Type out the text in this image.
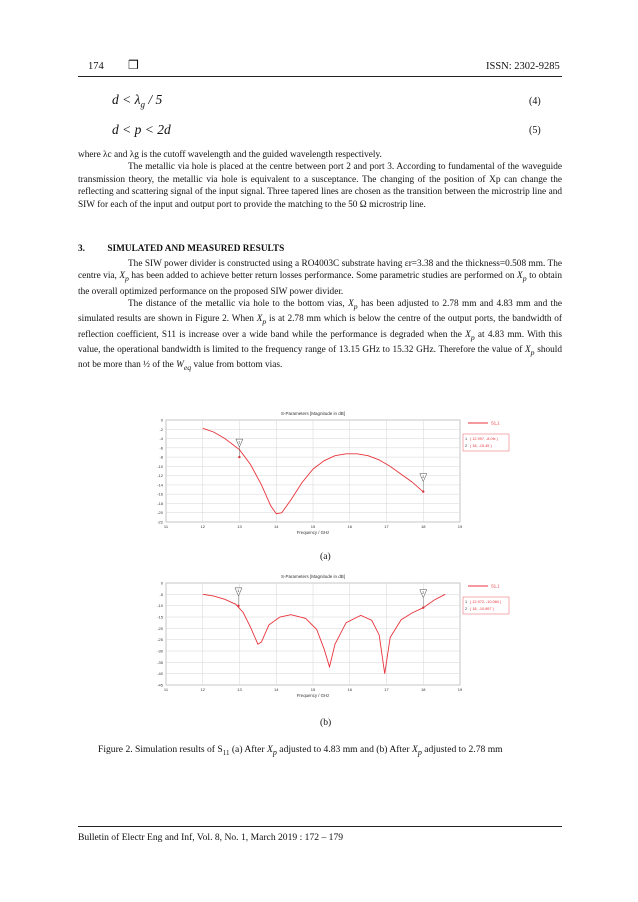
174 ❒	ISSN: 2302-9285
$d < \lambda_g / 5$	(4)
d < p < 2d	(5)

where λc and λg is the cutoff wavelength and the guided wavelength respectively.

The metallic via hole is placed at the centre between port 2 and port 3. According to fundamental of the waveguide transmission theory, the metallic via hole is equivalent to a susceptance. The changing of the position of Xp can change the reflecting and scattering signal of the input signal. Three tapered lines are chosen as the transition between the microstrip line and SIW for each of the input and output port to provide the matching to the 50 Ω microstrip line.

3. SIMULATED AND MEASURED RESULTS

The SIW power divider is constructed using a RO4003C substrate having εr=3.38 and the thickness=0.508 mm. The centre via, $X_p$ has been added to achieve better return losses performance. Some parametric studies are performed on $X_p$ to obtain the overall optimized performance on the proposed SIW power divider.

The distance of the metallic via hole to the bottom vias, $X_p$ has been adjusted to 2.78 mm and 4.83 mm and the simulated results are shown in Figure 2. When $X_p$ is at 2.78 mm which is below the centre of the output ports, the bandwidth of reflection coefficient, S11 is increase over a wide band while the performance is degraded when the $X_p$ at 4.83 mm. With this value, the operational bandwidth is limited to the frequency range of 13.15 GHz to 15.32 GHz. Therefore the value of $X_p$ should not be more than ½ of the $W_{eq}$ value from bottom vias.

S-Parameters [Magnitude in dB]
11	12	13	14	15	16	17	18	19
0
-2
-4
-6
-8
-10
-12
-14
-16
-18
-20
-22
Frequency / GHz
S1,1
1
2
1 ( 12.997, -8.0fx )
2 ( 18, -15.45 )
(a)
S-Parameters [Magnitude in dB]
11	12	13	14	15	16	17	18	19
0
-5
-10
-15
-20
-25
-30
-35
-40
-45
Frequency / GHz
S1,1
1	2
1 ( 12.972, -10.084 )
2 ( 18, -10.897 )
(b)
Figure 2. Simulation results of $S_{11}$ (a) After $X_p$ adjusted to 4.83 mm and (b) After $X_p$ adjusted to 2.78 mm
Bulletin of Electr Eng and Inf, Vol. 8, No. 1, March 2019 : 172 – 179
